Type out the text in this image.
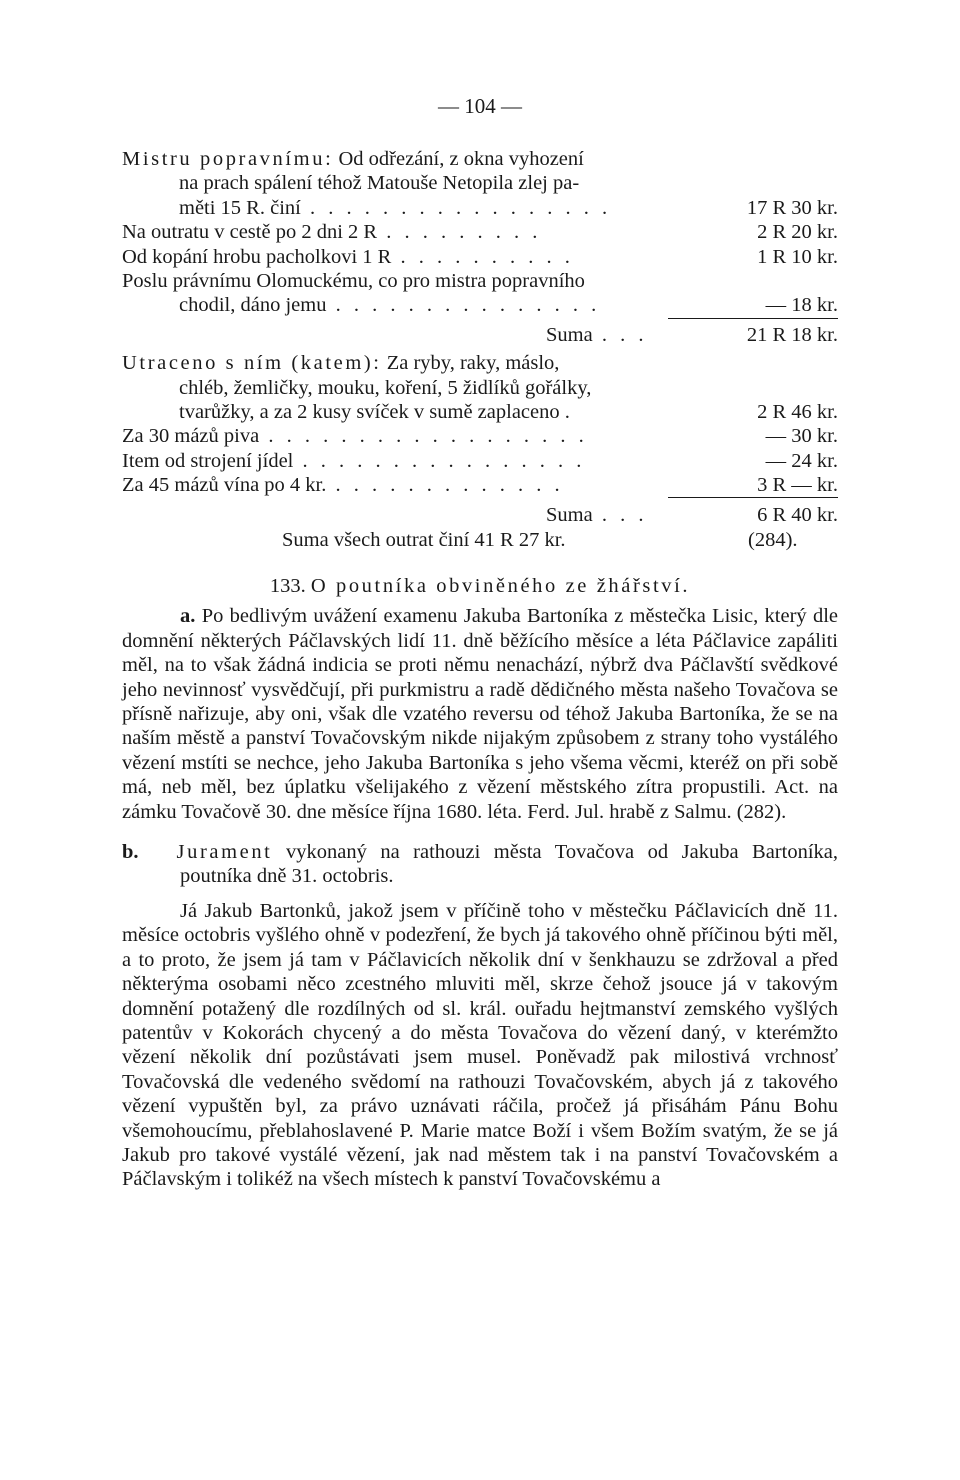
— 104 —
Mistru popravnímu: Od odřezání, z okna vyhození
na prach spálení téhož Matouše Netopila zlej pa-
měti 15 R. činí . . . . . . . . . . . . . . . . .	17 R 30 kr.
Na outratu v cestě po 2 dni 2 R . . . . . . . . .	2 R 20 kr.
Od kopání hrobu pacholkovi 1 R . . . . . . . . . .	1 R 10 kr.
Poslu právnímu Olomuckému, co pro mistra popravního
chodil, dáno jemu . . . . . . . . . . . . . . .	— 18 kr.
Suma . . .	21 R 18 kr.
Utraceno s ním (katem): Za ryby, raky, máslo,
chléb, žemličky, mouku, koření, 5 židlíků gořálky,
tvarůžky, a za 2 kusy svíček v sumě zaplaceno .	2 R 46 kr.
Za 30 mázů piva . . . . . . . . . . . . . . . . . .	— 30 kr.
Item od strojení jídel . . . . . . . . . . . . . . . .	— 24 kr.
Za 45 mázů vína po 4 kr. . . . . . . . . . . . . .	3 R — kr.
Suma . . .	6 R 40 kr.
Suma všech outrat činí 41 R 27 kr.	(284).

133. O poutníka obviněného ze žhářství.

a. Po bedlivým uvážení examenu Jakuba Bartoníka z městečka Lisic, který dle domnění některých Páčlavských lidí 11. dně běžícího měsíce a léta Páčlavice zapáliti měl, na to však žádná indicia se proti němu nenachází, nýbrž dva Páčlavští svědkové jeho nevinnosť vysvědčují, při purkmistru a radě dědičného města našeho Tovačova se přísně nařizuje, aby oni, však dle vzatého reversu od téhož Jakuba Bartoníka, že se na naším městě a panství Tovačovským nikde nijakým způsobem z strany toho vystálého vězení mstíti se nechce, jeho Jakuba Bartoníka s jeho všema věcmi, kteréž on při sobě má, neb měl, bez úplatku všelijakého z vězení městského zítra propustili. Act. na zámku Tovačově 30. dne měsíce října 1680. léta. Ferd. Jul. hrabě z Salmu. (282).

b. Jurament vykonaný na rathouzi města Tovačova od Jakuba Bartoníka, poutníka dně 31. octobris.

Já Jakub Bartonků, jakož jsem v příčině toho v městečku Páčlavicích dně 11. měsíce octobris vyšlého ohně v podezření, že bych já takového ohně příčinou býti měl, a to proto, že jsem já tam v Páčlavicích několik dní v šenkhauzu se zdržoval a před některýma osobami něco zcestného mluviti měl, skrze čehož jsouce já v takovým domnění potažený dle rozdílných od sl. král. ouřadu hejtmanství zemského vyšlých patentův v Kokorách chycený a do města Tovačova do vězení daný, v kterémžto vězení několik dní pozůstávati jsem musel. Poněvadž pak milostivá vrchnosť Tovačovská dle vedeného svědomí na rathouzi Tovačovském, abych já z takového vězení vypuštěn byl, za právo uznávati ráčila, pročež já přisáhám Pánu Bohu všemohoucímu, přeblahoslavené P. Marie matce Boží i všem Božím svatým, že se já Jakub pro takové vystálé vězení, jak nad městem tak i na panství Tovačovském a Páčlavským i tolikéž na všech místech k panství Tovačovskému a
